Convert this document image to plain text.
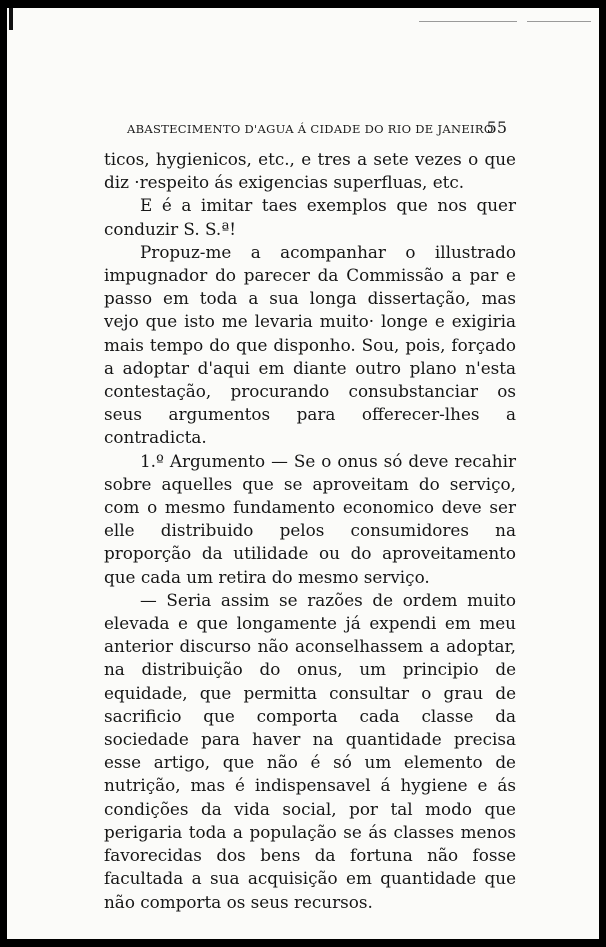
ABASTECIMENTO D'AGUA Á CIDADE DO RIO DE JANEIRO
55

ticos, hygienicos, etc., e tres a sete vezes o que diz ·respeito ás exigencias superfluas, etc.

E é a imitar taes exemplos que nos quer conduzir S. S.ª!

Propuz-me a acompanhar o illustrado impugnador do parecer da Commissão a par e passo em toda a sua longa dissertação, mas vejo que isto me levaria muito· longe e exigiria mais tempo do que disponho. Sou, pois, forçado a adoptar d'aqui em diante outro plano n'esta contestação, procurando consubstanciar os seus argumentos para offerecer-lhes a contradicta.

1.º Argumento — Se o onus só deve recahir sobre aquelles que se aproveitam do serviço, com o mesmo fundamento economico deve ser elle distribuido pelos consumidores na proporção da utilidade ou do aproveitamento que cada um retira do mesmo serviço.

— Seria assim se razões de ordem muito elevada e que longamente já expendi em meu anterior discurso não aconselhassem a adoptar, na distribuição do onus, um principio de equidade, que permitta consultar o grau de sacrificio que comporta cada classe da sociedade para haver na quantidade precisa esse artigo, que não é só um elemento de nutrição, mas é indispensavel á hygiene e ás condições da vida social, por tal modo que perigaria toda a população se ás classes menos favorecidas dos bens da fortuna não fosse facultada a sua acquisição em quantidade que não comporta os seus recursos.
